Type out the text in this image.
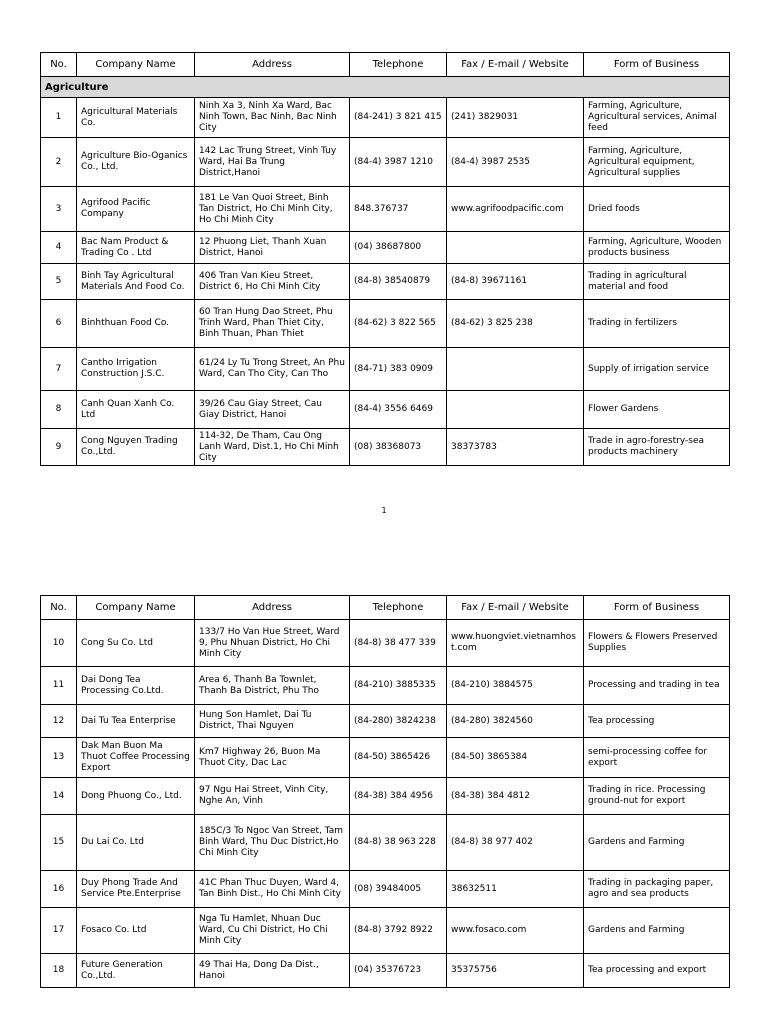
No.	Company Name	Address	Telephone	Fax / E-mail / Website	Form of Business
Agriculture					
1	Agricultural Materials Co.	Ninh Xa 3, Ninh Xa Ward, Bac Ninh Town, Bac Ninh, Bac Ninh City	(84-241) 3 821 415	(241) 3829031	Farming, Agriculture, Agricultural services, Animal feed
2	Agriculture Bio-Oganics Co., Ltd.	142 Lac Trung Street, Vinh Tuy Ward, Hai Ba Trung District,Hanoi	(84-4) 3987 1210	(84-4) 3987 2535	Farming, Agriculture, Agricultural equipment, Agricultural supplies
3	Agrifood Pacific Company	181 Le Van Quoi Street, Binh Tan District, Ho Chi Minh City, Ho Chi Minh City	848.376737	www.agrifoodpacific.com	Dried foods
4	Bac Nam Product & Trading Co . Ltd	12 Phuong Liet, Thanh Xuan District, Hanoi	(04) 38687800		Farming, Agriculture, Wooden products business
5	Binh Tay Agricultural Materials And Food Co.	406 Tran Van Kieu Street, District 6, Ho Chi Minh City	(84-8) 38540879	(84-8) 39671161	Trading in agricultural material and food
6	Binhthuan Food Co.	60 Tran Hung Dao Street, Phu Trinh Ward, Phan Thiet City, Binh Thuan, Phan Thiet	(84-62) 3 822 565	(84-62) 3 825 238	Trading in fertilizers
7	Cantho Irrigation Construction J.S.C.	61/24 Ly Tu Trong Street, An Phu Ward, Can Tho City, Can Tho	(84-71) 383 0909		Supply of irrigation service
8	Canh Quan Xanh Co. Ltd	39/26 Cau Giay Street, Cau Giay District, Hanoi	(84-4) 3556 6469		Flower Gardens
9	Cong Nguyen Trading Co.,Ltd.	114-32, De Tham, Cau Ong Lanh Ward, Dist.1, Ho Chi Minh City	(08) 38368073	38373783	Trade in agro-forestry-sea products machinery
1
No.	Company Name	Address	Telephone	Fax / E-mail / Website	Form of Business
10	Cong Su Co. Ltd	133/7 Ho Van Hue Street, Ward 9, Phu Nhuan District, Ho Chi Minh City	(84-8) 38 477 339	www.huongviet.vietnamhost.com	Flowers & Flowers Preserved Supplies
11	Dai Dong Tea Processing Co.Ltd.	Area 6, Thanh Ba Townlet, Thanh Ba District, Phu Tho	(84-210) 3885335	(84-210) 3884575	Processing and trading in tea
12	Dai Tu Tea Enterprise	Hung Son Hamlet, Dai Tu District, Thai Nguyen	(84-280) 3824238	(84-280) 3824560	Tea processing
13	Dak Man Buon Ma Thuot Coffee Processing Export	Km7 Highway 26, Buon Ma Thuot City, Dac Lac	(84-50) 3865426	(84-50) 3865384	semi-processing coffee for export
14	Dong Phuong Co., Ltd.	97 Ngu Hai Street, Vinh City, Nghe An, Vinh	(84-38) 384 4956	(84-38) 384 4812	Trading in rice. Processing ground-nut for export
15	Du Lai Co. Ltd	185C/3 To Ngoc Van Street, Tam Binh Ward, Thu Duc District,Ho Chi Minh City	(84-8) 38 963 228	(84-8) 38 977 402	Gardens and Farming
16	Duy Phong Trade And Service Pte.Enterprise	41C Phan Thuc Duyen, Ward 4, Tan Binh Dist., Ho Chi Minh City	(08) 39484005	38632511	Trading in packaging paper, agro and sea products
17	Fosaco Co. Ltd	Nga Tu Hamlet, Nhuan Duc Ward, Cu Chi District, Ho Chi Minh City	(84-8) 3792 8922	www.fosaco.com	Gardens and Farming
18	Future Generation Co.,Ltd.	49 Thai Ha, Dong Da Dist., Hanoi	(04) 35376723	35375756	Tea processing and export
